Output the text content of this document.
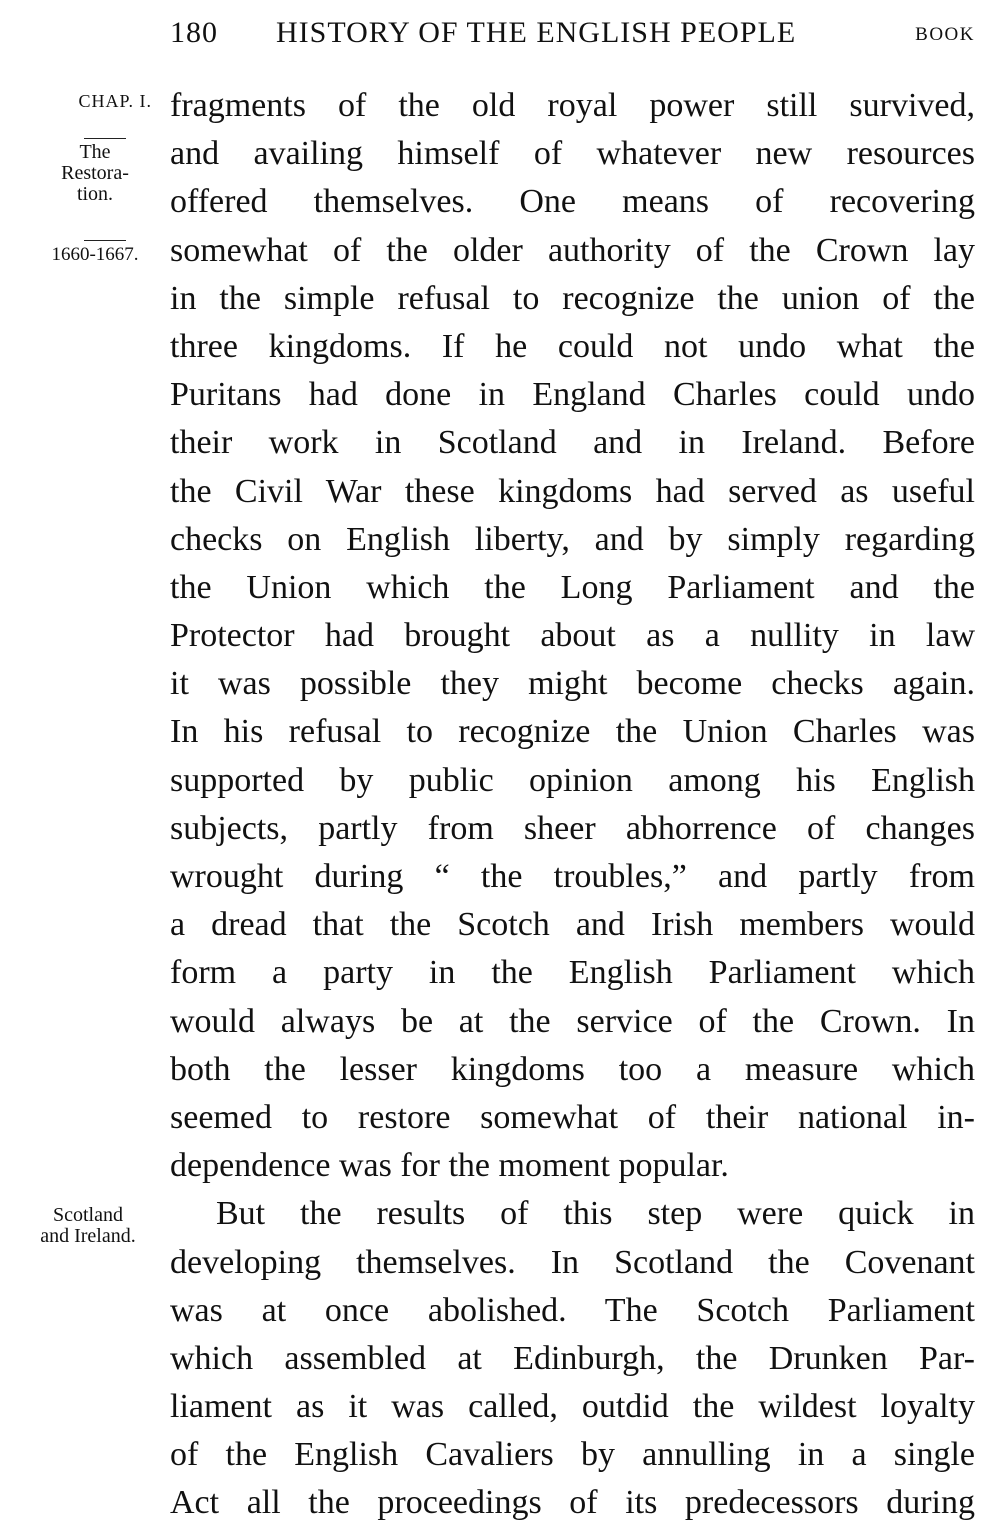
180 HISTORY OF THE ENGLISH PEOPLE	BOOK
CHAP. I.
The
Restora-
tion.
1660-1667.
Scotland
and Ireland.
fragments of the old royal power still survived,
and availing himself of whatever new resources
offered themselves. One means of recovering
somewhat of the older authority of the Crown lay
in the simple refusal to recognize the union of the
three kingdoms. If he could not undo what the
Puritans had done in England Charles could undo
their work in Scotland and in Ireland. Before
the Civil War these kingdoms had served as useful
checks on English liberty, and by simply regarding
the Union which the Long Parliament and the
Protector had brought about as a nullity in law
it was possible they might become checks again.
In his refusal to recognize the Union Charles was
supported by public opinion among his English
subjects, partly from sheer abhorrence of changes
wrought during “ the troubles,” and partly from
a dread that the Scotch and Irish members would
form a party in the English Parliament which
would always be at the service of the Crown. In
both the lesser kingdoms too a measure which
seemed to restore somewhat of their national in-
dependence was for the moment popular.
But the results of this step were quick in
developing themselves. In Scotland the Covenant
was at once abolished. The Scotch Parliament
which assembled at Edinburgh, the Drunken Par-
liament as it was called, outdid the wildest loyalty
of the English Cavaliers by annulling in a single
Act all the proceedings of its predecessors during
